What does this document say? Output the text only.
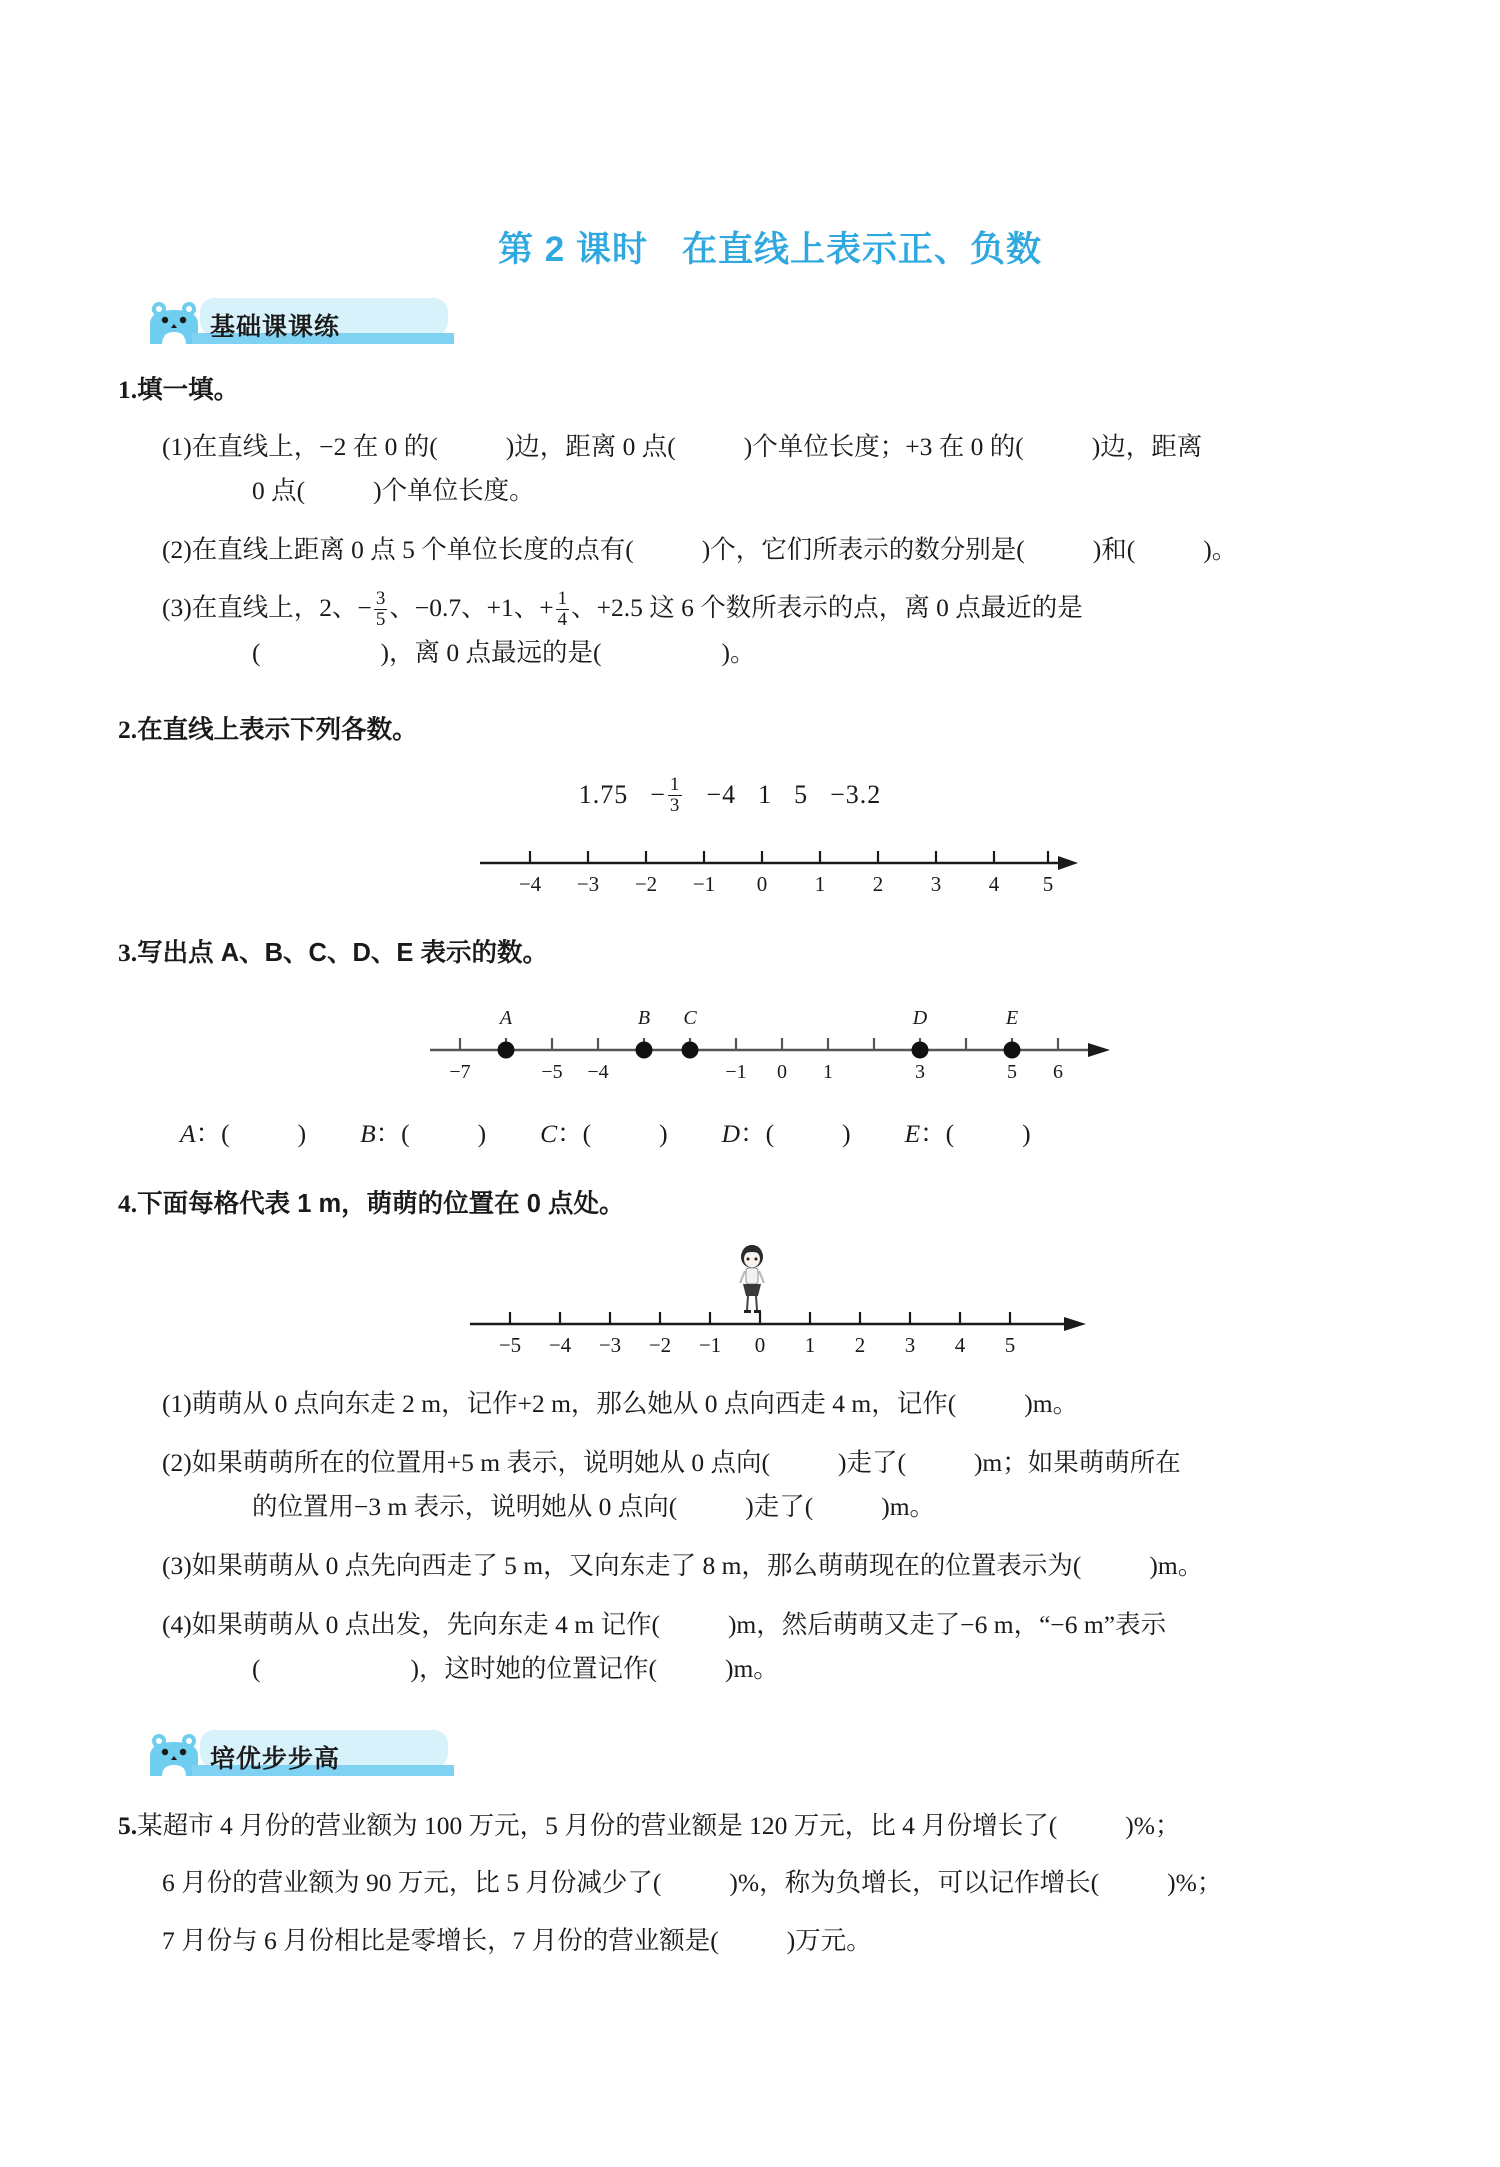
第 2 课时 在直线上表示正、负数
基础课课练
1.填一填。
(1)在直线上，−2 在 0 的(	)边，距离 0 点(	)个单位长度；+3 在 0 的(	)边，距离
0 点(	)个单位长度。
(2)在直线上距离 0 点 5 个单位长度的点有(	)个，它们所表示的数分别是(	)和(	)。
(3)在直线上，2、− $\frac{3}{5}$ 、−0.7、+1、+ $\frac{1}{4}$ 、+2.5 这 6 个数所表示的点，离 0 点最近的是
(	)，离 0 点最远的是(	)。
2.在直线上表示下列各数。
$1.75 - \frac{1}{3} -4$ 1 5 −3.2
−4 −3 −2 −1 0 1 2 3 4 5
3.写出点 A、B、C、D、E 表示的数。
A	B C	D	E
−7	−5 −4	−1 0 1	3	5 6
A：(	) B：(	) C：(	) D：(	) E：(	)
4.下面每格代表 1 m，萌萌的位置在 0 点处。
−5 −4 −3 −2 −1 0 1 2 3 4 5
(1)萌萌从 0 点向东走 2 m，记作+2 m，那么她从 0 点向西走 4 m，记作(	)m。
(2)如果萌萌所在的位置用+5 m 表示，说明她从 0 点向(	)走了(	)m；如果萌萌所在
的位置用−3 m 表示，说明她从 0 点向(	)走了(	)m。
(3)如果萌萌从 0 点先向西走了 5 m，又向东走了 8 m，那么萌萌现在的位置表示为(	)m。
(4)如果萌萌从 0 点出发，先向东走 4 m 记作(	)m，然后萌萌又走了−6 m，“−6 m”表示
(	)，这时她的位置记作(	)m。
培优步步高
5.某超市 4 月份的营业额为 100 万元，5 月份的营业额是 120 万元，比 4 月份增长了(	)%；
6 月份的营业额为 90 万元，比 5 月份减少了(	)%，称为负增长，可以记作增长(	)%；
7 月份与 6 月份相比是零增长，7 月份的营业额是(	)万元。
